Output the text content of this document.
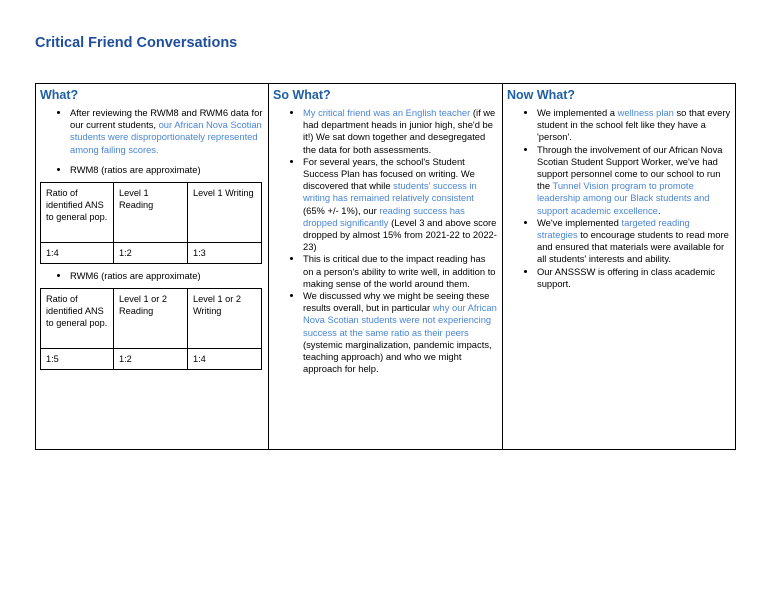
Critical Friend Conversations
What?
• After reviewing the RWM8 and RWM6 data for our current students, our African Nova Scotian students were disproportionately represented among failing scores.
• RWM8 (ratios are approximate)
Ratio of identified ANS to general pop.	Level 1 Reading	Level 1 Writing
1:4	1:2	1:3
• RWM6 (ratios are approximate)
Ratio of identified ANS to general pop.	Level 1 or 2 Reading	Level 1 or 2 Writing
1:5	1:2	1:4

So What?
• My critical friend was an English teacher (if we had department heads in junior high, she'd be it!) We sat down together and desegregated the data for both assessments.
• For several years, the school's Student Success Plan has focused on writing. We discovered that while students' success in writing has remained relatively consistent (65% +/- 1%), our reading success has dropped significantly (Level 3 and above score dropped by almost 15% from 2021-22 to 2022-23)
• This is critical due to the impact reading has on a person's ability to write well, in addition to making sense of the world around them.
• We discussed why we might be seeing these results overall, but in particular why our African Nova Scotian students were not experiencing success at the same ratio as their peers (systemic marginalization, pandemic impacts, teaching approach) and who we might approach for help.

Now What?
• We implemented a wellness plan so that every student in the school felt like they have a 'person'.
• Through the involvement of our African Nova Scotian Student Support Worker, we've had support personnel come to our school to run the Tunnel Vision program to promote leadership among our Black students and support academic excellence.
• We've implemented targeted reading strategies to encourage students to read more and ensured that materials were available for all students' interests and ability.
• Our ANSSSW is offering in class academic support.
